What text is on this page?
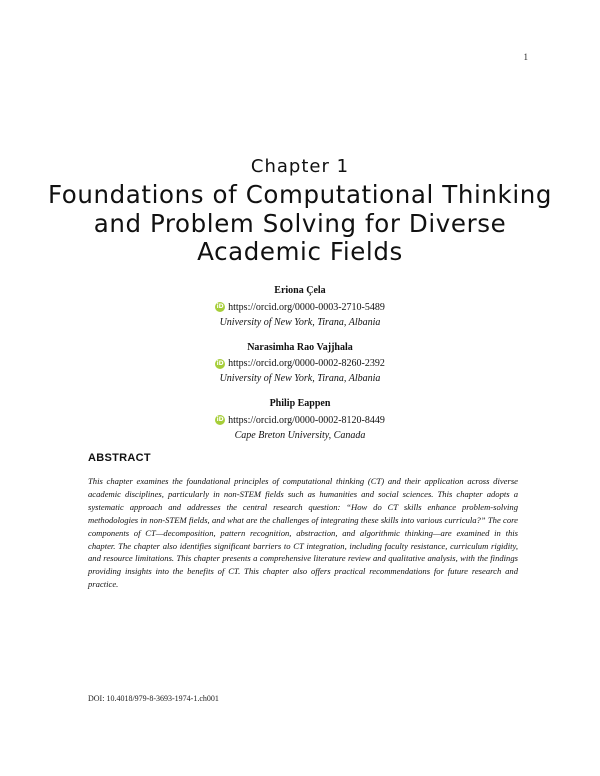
1
Chapter 1
Foundations of Computational Thinking and Problem Solving for Diverse Academic Fields
Eriona Çela
iD https://orcid.org/0000-0003-2710-5489
University of New York, Tirana, Albania
Narasimha Rao Vajjhala
iD https://orcid.org/0000-0002-8260-2392
University of New York, Tirana, Albania
Philip Eappen
iD https://orcid.org/0000-0002-8120-8449
Cape Breton University, Canada
ABSTRACT

This chapter examines the foundational principles of computational thinking (CT) and their application across diverse academic disciplines, particularly in non-STEM fields such as humanities and social sciences. This chapter adopts a systematic approach and addresses the central research question: “How do CT skills enhance problem-solving methodologies in non-STEM fields, and what are the challenges of integrating these skills into various curricula?” The core components of CT—decomposition, pattern recognition, abstraction, and algorithmic thinking—are examined in this chapter. The chapter also identifies significant barriers to CT integration, including faculty resistance, curriculum rigidity, and resource limitations. This chapter presents a comprehensive literature review and qualitative analysis, with the findings providing insights into the benefits of CT. This chapter also offers practical recommendations for future research and practice.

DOI: 10.4018/979-8-3693-1974-1.ch001
